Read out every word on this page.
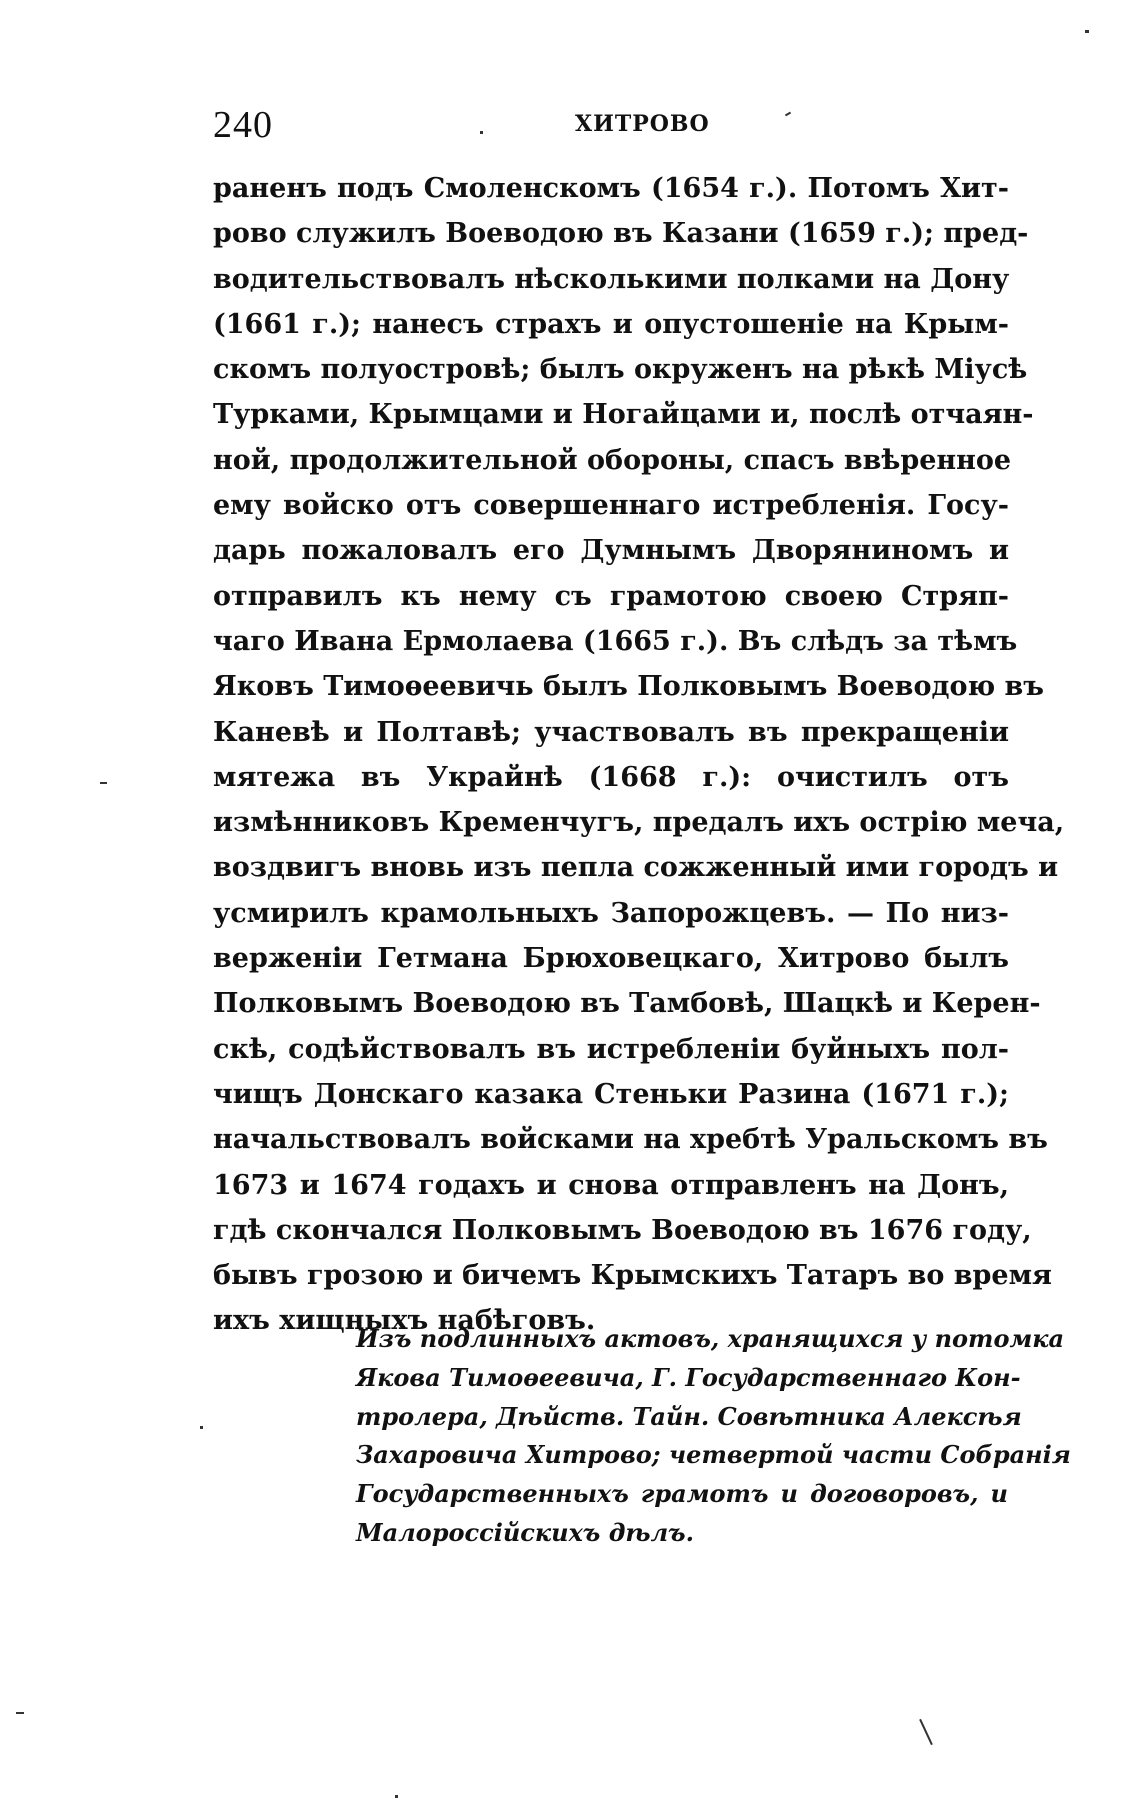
240	ХИТРОВО
раненъ подъ Смоленскомъ (1654 г.). Потомъ Хит-
рово служилъ Воеводою въ Казани (1659 г.); пред-
водительствовалъ нѣсколькими полками на Дону
(1661 г.); нанесъ страхъ и опустошеніе на Крым-
скомъ полуостровѣ; былъ окруженъ на рѣкѣ Міусѣ
Турками, Крымцами и Ногайцами и, послѣ отчаян-
ной, продолжительной обороны, спасъ ввѣренное
ему войско отъ совершеннаго истребленія. Госу-
дарь пожаловалъ его Думнымъ Дворяниномъ и
отправилъ къ нему съ грамотою своею Стряп-
чаго Ивана Ермолаева (1665 г.). Въ слѣдъ за тѣмъ
Яковъ Тимоѳеевичь былъ Полковымъ Воеводою въ
Каневѣ и Полтавѣ; участвовалъ въ прекращеніи
мятежа въ Украйнѣ (1668 г.): очистилъ отъ
измѣнниковъ Кременчугъ, предалъ ихъ острію меча,
воздвигъ вновь изъ пепла сожженный ими городъ и
усмирилъ крамольныхъ Запорожцевъ. — По низ-
верженіи Гетмана Брюховецкаго, Хитрово былъ
Полковымъ Воеводою въ Тамбовѣ, Шацкѣ и Керен-
скѣ, содѣйствовалъ въ истребленіи буйныхъ пол-
чищъ Донскаго казака Стеньки Разина (1671 г.);
начальствовалъ войсками на хребтѣ Уральскомъ въ
1673 и 1674 годахъ и снова отправленъ на Донъ,
гдѣ скончался Полковымъ Воеводою въ 1676 году,
бывъ грозою и бичемъ Крымскихъ Татаръ во время
ихъ хищныхъ набѣговъ.
Изъ подлинныхъ актовъ, хранящихся у потомка
Якова Тимоѳеевича, Г. Государственнаго Кон-
тролера, Дѣйств. Тайн. Совѣтника Алексѣя
Захаровича Хитрово; четвертой части Собранія
Государственныхъ грамотъ и договоровъ, и
Малороссійскихъ дѣлъ.
